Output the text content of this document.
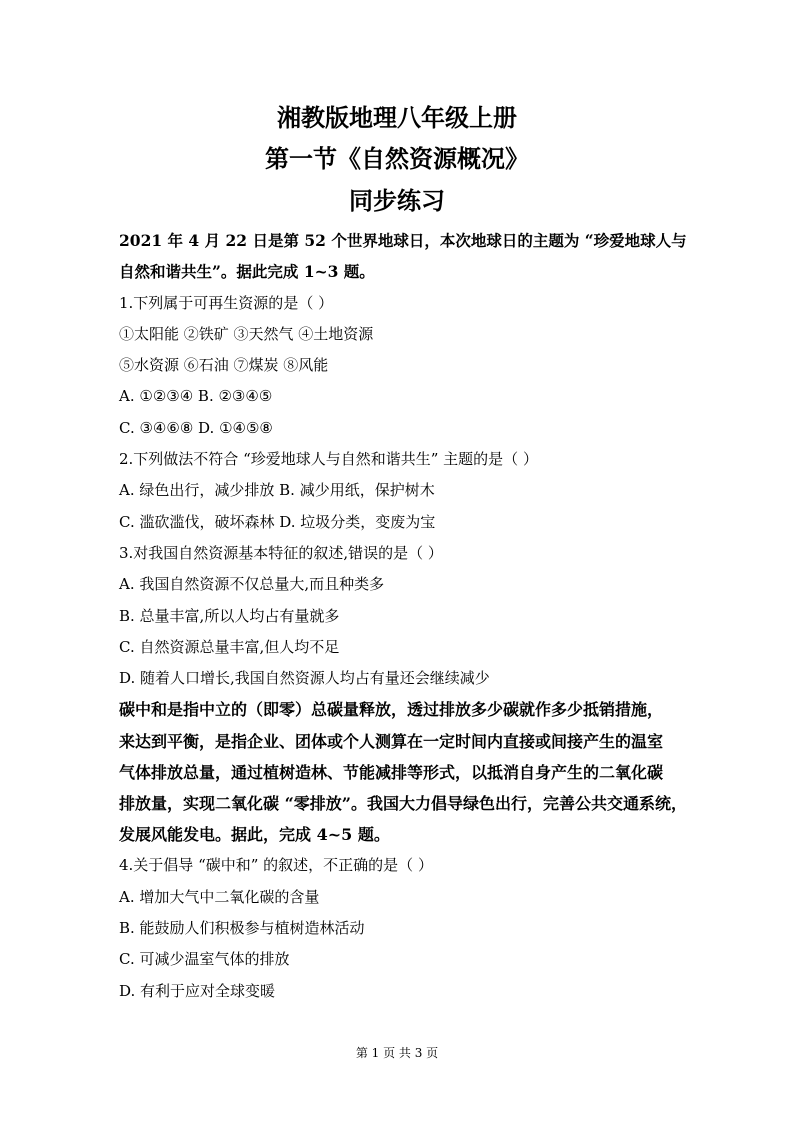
湘教版地理八年级上册
第一节《自然资源概况》
同步练习
2021 年 4 月 22 日是第 52 个世界地球日，本次地球日的主题为 “珍爱地球人与
自然和谐共生”。据此完成 1~3 题。
1.下列属于可再生资源的是（ ）
①太阳能 ②铁矿 ③天然气 ④土地资源
⑤水资源 ⑥石油 ⑦煤炭 ⑧风能
A. ①②③④ B. ②③④⑤
C. ③④⑥⑧ D. ①④⑤⑧
2.下列做法不符合 “珍爱地球人与自然和谐共生” 主题的是（ ）
A. 绿色出行，减少排放 B. 减少用纸，保护树木
C. 滥砍滥伐，破坏森林 D. 垃圾分类，变废为宝
3.对我国自然资源基本特征的叙述,错误的是（ ）
A. 我国自然资源不仅总量大,而且种类多
B. 总量丰富,所以人均占有量就多
C. 自然资源总量丰富,但人均不足
D. 随着人口增长,我国自然资源人均占有量还会继续减少
碳中和是指中立的（即零）总碳量释放，透过排放多少碳就作多少抵销措施，
来达到平衡，是指企业、团体或个人测算在一定时间内直接或间接产生的温室
气体排放总量，通过植树造林、节能减排等形式，以抵消自身产生的二氧化碳
排放量，实现二氧化碳 “零排放”。我国大力倡导绿色出行，完善公共交通系统，
发展风能发电。据此，完成 4~5 题。
4.关于倡导 “碳中和” 的叙述，不正确的是（ ）
A. 增加大气中二氧化碳的含量
B. 能鼓励人们积极参与植树造林活动
C. 可减少温室气体的排放
D. 有利于应对全球变暖
第 1 页 共 3 页
